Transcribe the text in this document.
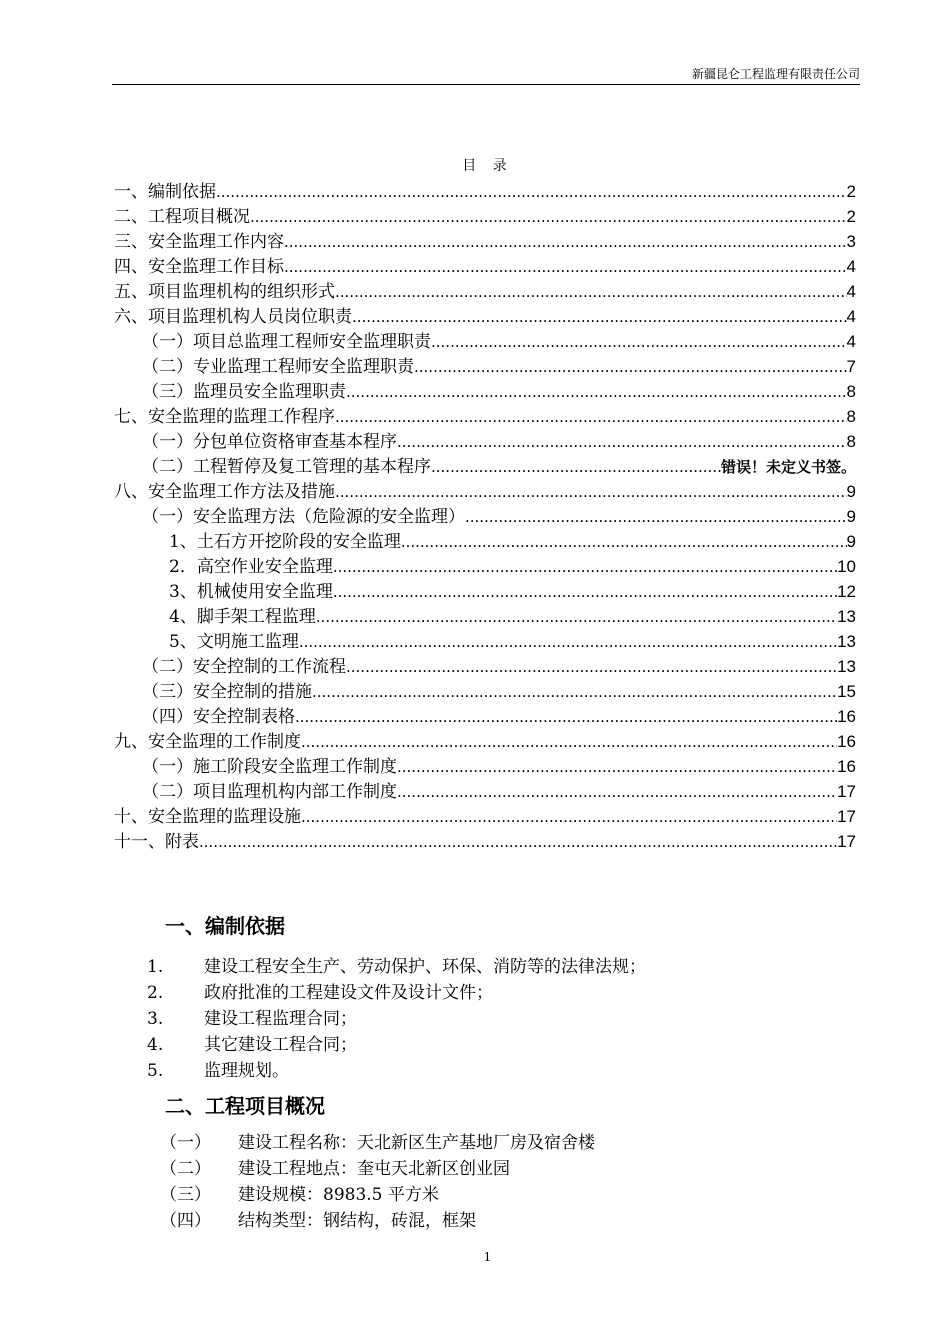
新疆昆仑工程监理有限责任公司
目 录
一、编制依据 .....	2
二、工程项目概况 .....	2
三、安全监理工作内容 .....	3
四、安全监理工作目标 .....	4
五、项目监理机构的组织形式 .....	4
六、项目监理机构人员岗位职责 .....	4
（一）项目总监理工程师安全监理职责 .....	4
（二）专业监理工程师安全监理职责 .....	7
（三）监理员安全监理职责 .....	8
七、安全监理的监理工作程序 .....	8
（一）分包单位资格审查基本程序 .....	8
（二）工程暂停及复工管理的基本程序 .....	错误！未定义书签。
八、安全监理工作方法及措施 .....	9
（一）安全监理方法（危险源的安全监理） .....	9
1、土石方开挖阶段的安全监理 .....	9
2．高空作业安全监理 .....	10
3、机械使用安全监理 .....	12
4、脚手架工程监理 .....	13
5、文明施工监理 .....	13
（二）安全控制的工作流程 .....	13
（三）安全控制的措施 .....	15
（四）安全控制表格 .....	16
九、安全监理的工作制度 .....	16
（一）施工阶段安全监理工作制度 .....	16
（二）项目监理机构内部工作制度 .....	17
十、安全监理的监理设施 .....	17
十一、附表 .....	17
一、编制依据
1.	建设工程安全生产、劳动保护、环保、消防等的法律法规；
2.	政府批准的工程建设文件及设计文件；
3.	建设工程监理合同；
4.	其它建设工程合同；
5.	监理规划。
二、工程项目概况
（一）	建设工程名称：天北新区生产基地厂房及宿舍楼
（二）	建设工程地点：奎屯天北新区创业园
（三）	建设规模：8983.5 平方米
（四）	结构类型：钢结构，砖混，框架
1
